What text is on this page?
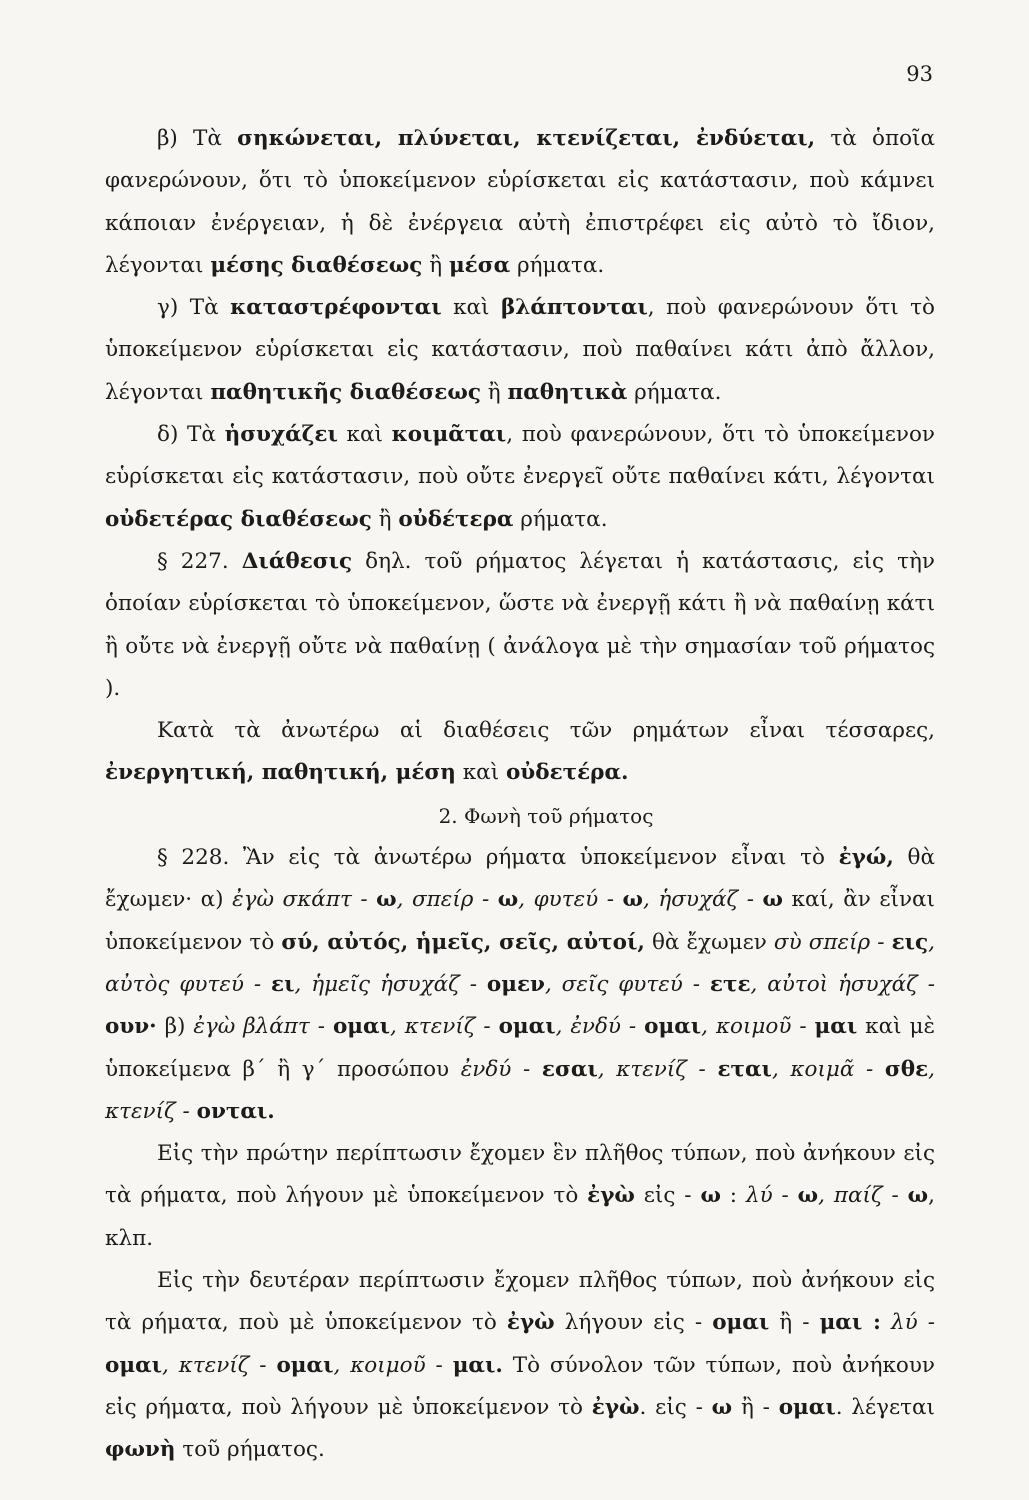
93

β) Τὰ σηκώνεται, πλύνεται, κτενίζεται, ἐνδύεται, τὰ ὁποῖα φανερώνουν, ὅτι τὸ ὑποκείμενον εὑρίσκεται εἰς κατάστασιν, ποὺ κάμνει κάποιαν ἐνέργειαν, ἡ δὲ ἐνέργεια αὐτὴ ἐπιστρέφει εἰς αὐτὸ τὸ ἴδιον, λέγονται μέσης διαθέσεως ἢ μέσα ρήματα.

γ) Τὰ καταστρέφονται καὶ βλάπτονται, ποὺ φανερώνουν ὅτι τὸ ὑποκείμενον εὑρίσκεται εἰς κατάστασιν, ποὺ παθαίνει κάτι ἀπὸ ἄλλον, λέγονται παθητικῆς διαθέσεως ἢ παθητικὰ ρήματα.

δ) Τὰ ἡσυχάζει καὶ κοιμᾶται, ποὺ φανερώνουν, ὅτι τὸ ὑποκείμενον εὑρίσκεται εἰς κατάστασιν, ποὺ οὔτε ἐνεργεῖ οὔτε παθαίνει κάτι, λέγονται οὐδετέρας διαθέσεως ἢ οὐδέτερα ρήματα.

§ 227. Διάθεσις δηλ. τοῦ ρήματος λέγεται ἡ κατάστασις, εἰς τὴν ὁποίαν εὑρίσκεται τὸ ὑποκείμενον, ὥστε νὰ ἐνεργῇ κάτι ἢ νὰ παθαίνῃ κάτι ἢ οὔτε νὰ ἐνεργῇ οὔτε νὰ παθαίνῃ ( ἀνάλογα μὲ τὴν σημασίαν τοῦ ρήματος ).

Κατὰ τὰ ἀνωτέρω αἱ διαθέσεις τῶν ρημάτων εἶναι τέσσαρες, ἐνεργητική, παθητική, μέση καὶ οὐδετέρα.

2. Φωνὴ τοῦ ρήματος

§ 228. Ἂν εἰς τὰ ἀνωτέρω ρήματα ὑποκείμενον εἶναι τὸ ἐγώ, θὰ ἔχωμεν· α) ἐγὼ σκάπτ - ω, σπείρ - ω, φυτεύ - ω, ἡσυχάζ - ω καί, ἂν εἶναι ὑποκείμενον τὸ σύ, αὐτός, ἡμεῖς, σεῖς, αὐτοί, θὰ ἔχωμεν σὺ σπείρ - εις, αὐτὸς φυτεύ - ει, ἡμεῖς ἡσυχάζ - ομεν, σεῖς φυτεύ - ετε, αὐτοὶ ἡσυχάζ - ουν· β) ἐγὼ βλάπτ - ομαι, κτενίζ - ομαι, ἐνδύ - ομαι, κοιμοῦ - μαι καὶ μὲ ὑποκείμενα β΄ ἢ γ΄ προσώπου ἐνδύ - εσαι, κτενίζ - εται, κοιμᾶ - σθε, κτενίζ - ονται.

Εἰς τὴν πρώτην περίπτωσιν ἔχομεν ἓν πλῆθος τύπων, ποὺ ἀνήκουν εἰς τὰ ρήματα, ποὺ λήγουν μὲ ὑποκείμενον τὸ ἐγὼ εἰς - ω : λύ - ω, παίζ - ω, κλπ.

Εἰς τὴν δευτέραν περίπτωσιν ἔχομεν πλῆθος τύπων, ποὺ ἀνήκουν εἰς τὰ ρήματα, ποὺ μὲ ὑποκείμενον τὸ ἐγὼ λήγουν εἰς - ομαι ἢ - μαι : λύ - ομαι, κτενίζ - ομαι, κοιμοῦ - μαι. Τὸ σύνολον τῶν τύπων, ποὺ ἀνήκουν εἰς ρήματα, ποὺ λήγουν μὲ ὑποκείμενον τὸ ἐγὼ. εἰς - ω ἢ - ομαι. λέγεται φωνὴ τοῦ ρήματος.
